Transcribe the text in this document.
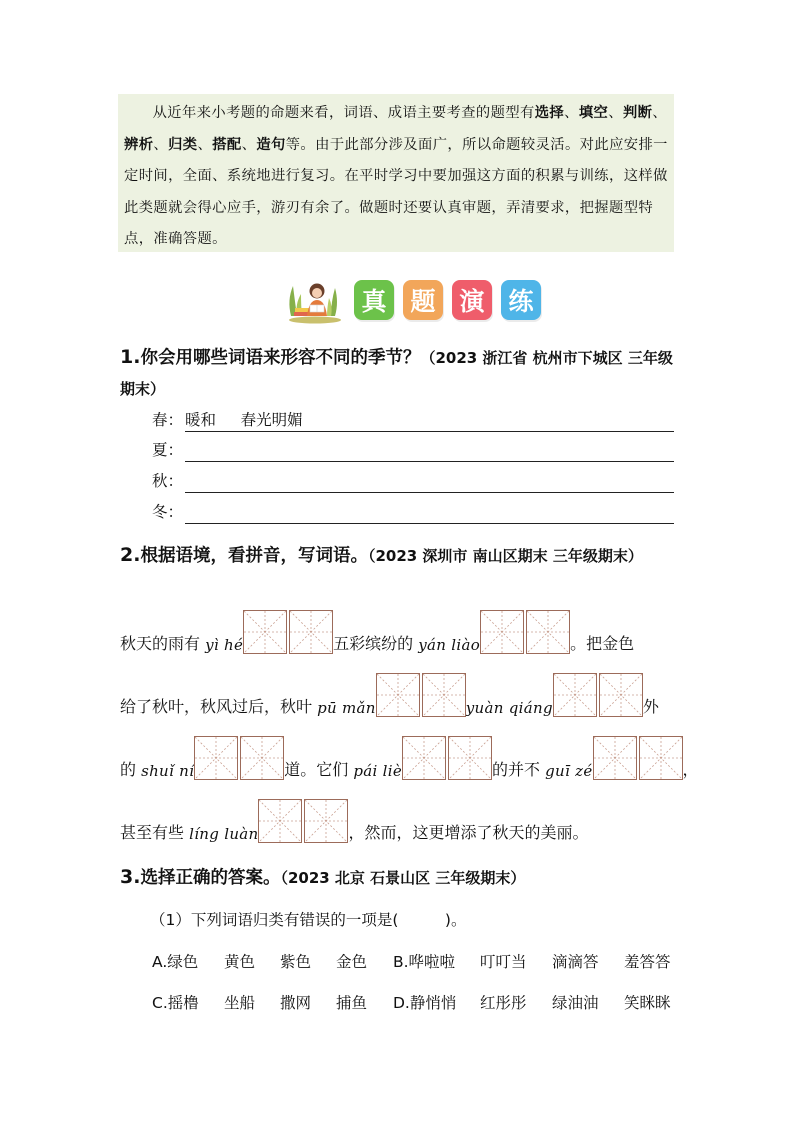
从近年来小考题的命题来看，词语、成语主要考查的题型有选择、填空、判断、辨析、归类、搭配、造句等。由于此部分涉及面广，所以命题较灵活。对此应安排一定时间，全面、系统地进行复习。在平时学习中要加强这方面的积累与训练，这样做此类题就会得心应手，游刃有余了。做题时还要认真审题，弄清要求，把握题型特点，准确答题。

真 题 演 练
1.你会用哪些词语来形容不同的季节？（2023 浙江省 杭州市下城区 三年级期末）
春： 暖和     春光明媚
夏：
秋：
冬：
2.根据语境，看拼音，写词语。（2023 深圳市 南山区期末 三年级期末）
秋天的雨有 yì hé	五彩缤纷的 yán liào	。把金色
给了秋叶，秋风过后，秋叶 pū mǎn	yuàn qiáng	外
的 shuǐ ní	道。它们 pái liè	的并不 guī zé	，
甚至有些 líng luàn	，然而，这更增添了秋天的美丽。
3.选择正确的答案。（2023 北京 石景山区 三年级期末）
（1）下列词语归类有错误的一项是(　　　)。
A.绿色 黄色 紫色 金色 B.哗啦啦 叮叮当 滴滴答 羞答答
C.摇橹 坐船 撒网 捕鱼 D.静悄悄 红彤彤 绿油油 笑眯眯
